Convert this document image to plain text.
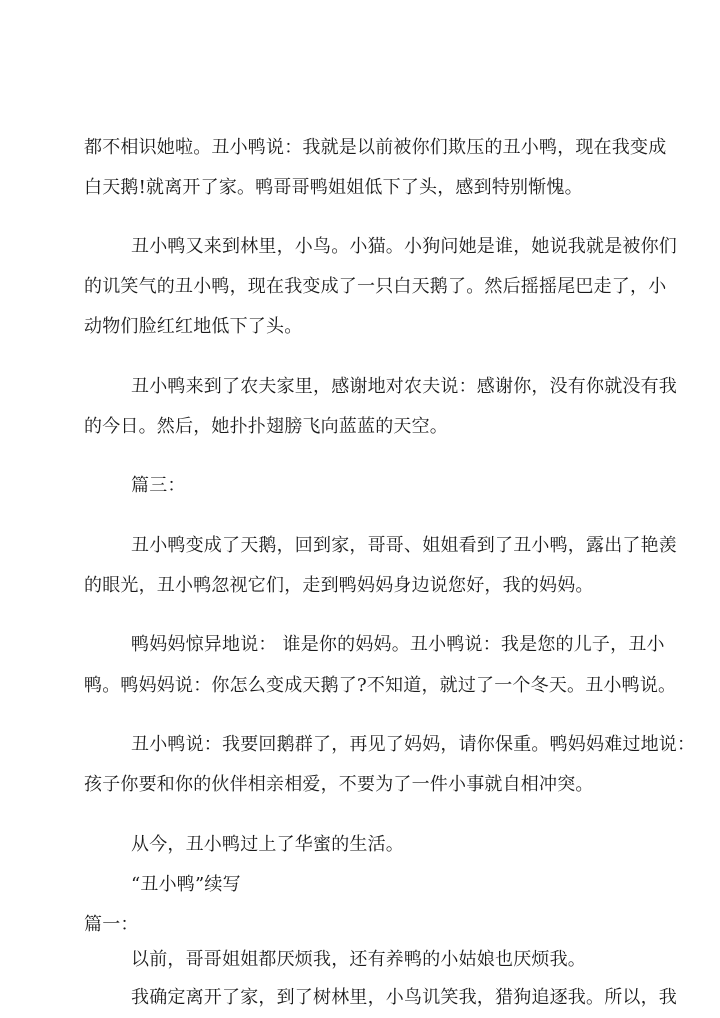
都不相识她啦。丑小鸭说：我就是以前被你们欺压的丑小鸭，现在我变成
白天鹅!就离开了家。鸭哥哥鸭姐姐低下了头，感到特别惭愧。
丑小鸭又来到林里，小鸟。小猫。小狗问她是谁，她说我就是被你们
的讥笑气的丑小鸭，现在我变成了一只白天鹅了。然后摇摇尾巴走了，小
动物们脸红红地低下了头。
丑小鸭来到了农夫家里，感谢地对农夫说：感谢你，没有你就没有我
的今日。然后，她扑扑翅膀飞向蓝蓝的天空。
篇三：
丑小鸭变成了天鹅，回到家，哥哥、姐姐看到了丑小鸭，露出了艳羡
的眼光，丑小鸭忽视它们，走到鸭妈妈身边说您好，我的妈妈。
鸭妈妈惊异地说： 谁是你的妈妈。丑小鸭说：我是您的儿子，丑小
鸭。鸭妈妈说：你怎么变成天鹅了?不知道，就过了一个冬天。丑小鸭说。
丑小鸭说：我要回鹅群了，再见了妈妈，请你保重。鸭妈妈难过地说：
孩子你要和你的伙伴相亲相爱，不要为了一件小事就自相冲突。
从今，丑小鸭过上了华蜜的生活。
“丑小鸭”续写
篇一：
以前，哥哥姐姐都厌烦我，还有养鸭的小姑娘也厌烦我。
我确定离开了家，到了树林里，小鸟讥笑我，猎狗追逐我。所以，我
